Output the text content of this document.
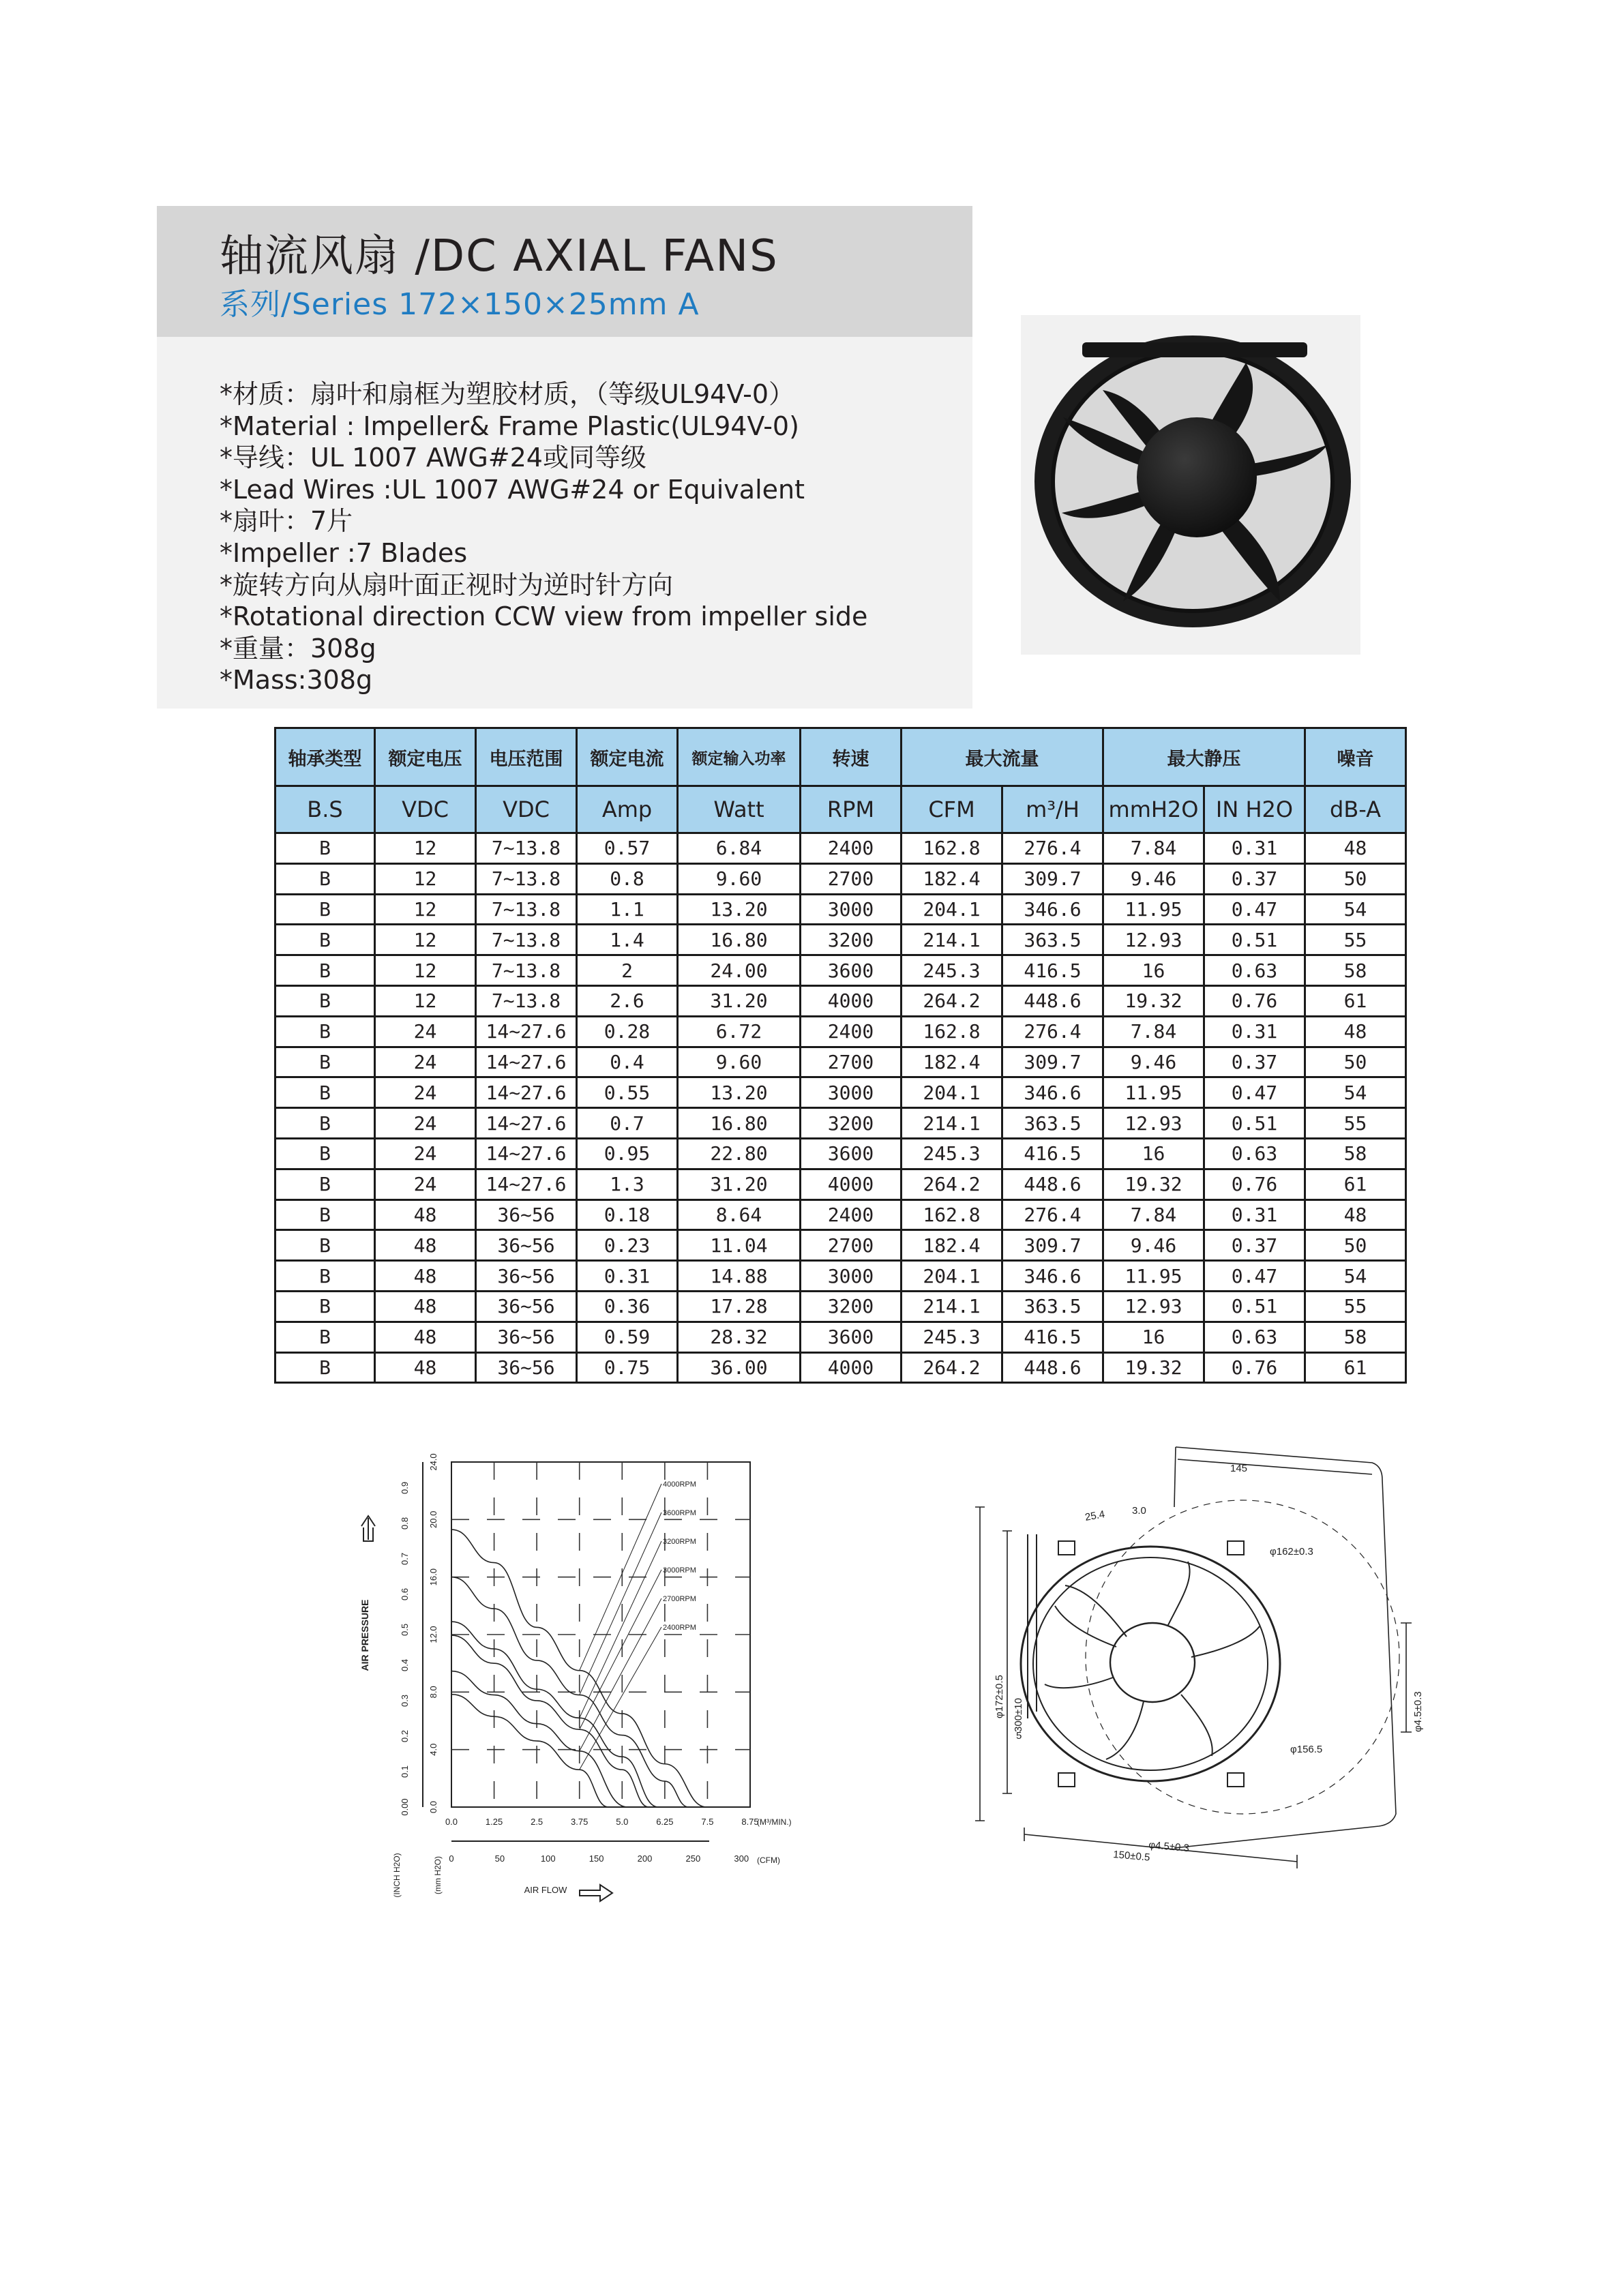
轴流风扇 /DC AXIAL FANS
系列/Series 172×150×25mm A
*材质：扇叶和扇框为塑胶材质，（等级UL94V-0）
*Material : Impeller& Frame Plastic(UL94V-0)
*导线：UL 1007 AWG#24或同等级
*Lead Wires :UL 1007 AWG#24 or Equivalent
*扇叶：7片
*Impeller :7 Blades
*旋转方向从扇叶面正视时为逆时针方向
*Rotational direction CCW view from impeller side
*重量：308g
*Mass:308g
轴承类型	额定电压	电压范围	额定电流	额定输入功率	转速	最大流量		最大静压		噪音
B.S	VDC	VDC	Amp	Watt	RPM	CFM	m³/H	mmH2O	IN H2O	dB-A
B	12	7~13.8	0.57	6.84	2400	162.8	276.4	7.84	0.31	48
B	12	7~13.8	0.8	9.60	2700	182.4	309.7	9.46	0.37	50
B	12	7~13.8	1.1	13.20	3000	204.1	346.6	11.95	0.47	54
B	12	7~13.8	1.4	16.80	3200	214.1	363.5	12.93	0.51	55
B	12	7~13.8	2	24.00	3600	245.3	416.5	16	0.63	58
B	12	7~13.8	2.6	31.20	4000	264.2	448.6	19.32	0.76	61
B	24	14~27.6	0.28	6.72	2400	162.8	276.4	7.84	0.31	48
B	24	14~27.6	0.4	9.60	2700	182.4	309.7	9.46	0.37	50
B	24	14~27.6	0.55	13.20	3000	204.1	346.6	11.95	0.47	54
B	24	14~27.6	0.7	16.80	3200	214.1	363.5	12.93	0.51	55
B	24	14~27.6	0.95	22.80	3600	245.3	416.5	16	0.63	58
B	24	14~27.6	1.3	31.20	4000	264.2	448.6	19.32	0.76	61
B	48	36~56	0.18	8.64	2400	162.8	276.4	7.84	0.31	48
B	48	36~56	0.23	11.04	2700	182.4	309.7	9.46	0.37	50
B	48	36~56	0.31	14.88	3000	204.1	346.6	11.95	0.47	54
B	48	36~56	0.36	17.28	3200	214.1	363.5	12.93	0.51	55
B	48	36~56	0.59	28.32	3600	245.3	416.5	16	0.63	58
B	48	36~56	0.75	36.00	4000	264.2	448.6	19.32	0.76	61
0.0
4.0
8.0
12.0
16.0
20.0
24.0
0.00
0.1
0.2
0.3
0.4
0.5
0.6
0.7
0.8
0.9
0.0	1.25	2.5	3.75	5.0	6.25	7.5	8.75
0	50	100	150	200	250	300
(M³/MIN.)
(CFM)
(INCH H2O)	(mm H2O)
AIR PRESSURE
AIR FLOW
4000RPM
3600RPM
3200RPM
3000RPM
2700RPM
2400RPM
145
25.4	3.0
φ162±0.3
φ172±0.5 300±10
5
150±0.5
φ4.5±0.3
φ156.5
φ4.5±0.3
